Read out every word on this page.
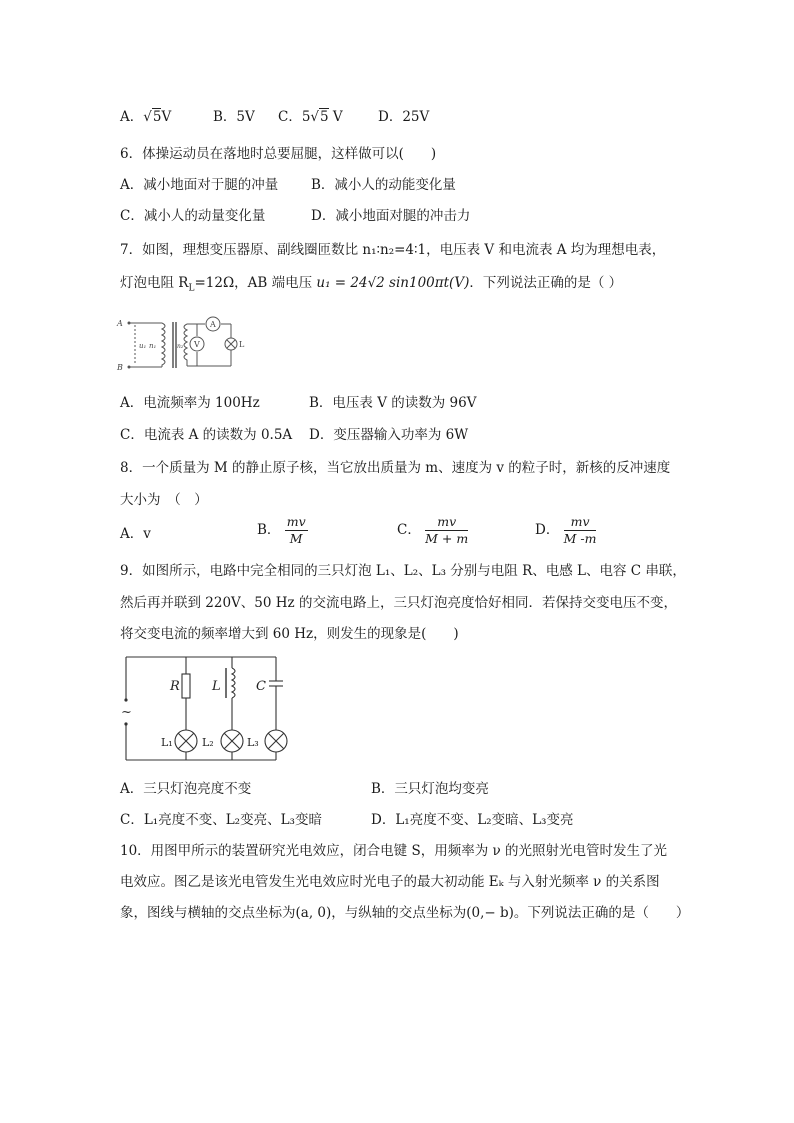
A．√5V	B．5V C．5√5 V	D．25V
6．体操运动员在落地时总要屈腿，这样做可以(　　)
A．减小地面对于腿的冲量 B．减小人的动能变化量
C．减小人的动量变化量	D．减小地面对腿的冲击力
7．如图，理想变压器原、副线圈匝数比 n₁∶n₂=4∶1，电压表 V 和电流表 A 均为理想电表，
灯泡电阻 $R_L=12\Omega$，AB 端电压 u₁ = 24√2 sin100πt(V)．下列说法正确的是（ ）
A
B
u₁ n₁	n₂
A
V	L
A．电流频率为 100Hz	B．电压表 V 的读数为 96V
C．电流表 A 的读数为 0.5A D．变压器输入功率为 6W
8．一个质量为 M 的静止原子核，当它放出质量为 m、速度为 v 的粒子时，新核的反冲速度
大小为　（　）
A．v	B． $\frac{mv}{M}$	C． $\frac{mv}{M + m}$	D． $\frac{mv}{M -m}$
9．如图所示，电路中完全相同的三只灯泡 L₁、L₂、L₃ 分别与电阻 R、电感 L、电容 C 串联，
然后再并联到 220V、50 Hz 的交流电路上，三只灯泡亮度恰好相同．若保持交变电压不变，
将交变电流的频率增大到 60 Hz，则发生的现象是(　　)
~
R L	C
L₁	L₂	L₃
A．三只灯泡亮度不变	B．三只灯泡均变亮
C．L₁亮度不变、L₂变亮、L₃变暗	D．L₁亮度不变、L₂变暗、L₃变亮
10．用图甲所示的装置研究光电效应，闭合电键 S，用频率为 ν 的光照射光电管时发生了光
电效应。图乙是该光电管发生光电效应时光电子的最大初动能 Eₖ 与入射光频率 ν 的关系图
象，图线与横轴的交点坐标为(a, 0)，与纵轴的交点坐标为(0,− b)。下列说法正确的是（　　）
